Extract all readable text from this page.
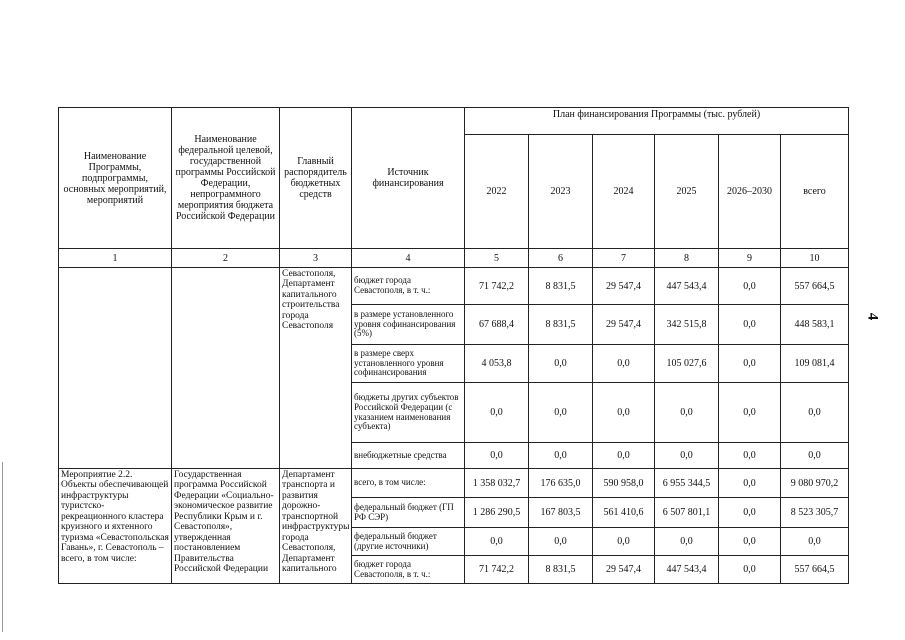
4
Наименование Программы, подпрограммы, основных мероприятий, мероприятий	Наименование федеральной целевой, государственной программы Российской Федерации, непрограммного мероприятия бюджета Российской Федерации	Главный распорядитель бюджетных средств	Источник финансирования	План финансирования Программы (тыс. рублей)					
				2022	2023	2024	2025	2026–2030	всего
1	2	3	4	5	6	7	8	9	10
		Севастополя, Департамент капитального строительства города Севастополя	бюджет города Севастополя, в т. ч.:	71 742,2	8 831,5	29 547,4	447 543,4	0,0	557 664,5
			в размере установленного уровня софинансирования (5%)	67 688,4	8 831,5	29 547,4	342 515,8	0,0	448 583,1
			в размере сверх установленного уровня софинансирования	4 053,8	0,0	0,0	105 027,6	0,0	109 081,4
			бюджеты других субъектов Российской Федерации (с указанием наименования субъекта)	0,0	0,0	0,0	0,0	0,0	0,0
			внебюджетные средства	0,0	0,0	0,0	0,0	0,0	0,0
Мероприятие 2.2. Объекты обеспечивающей инфраструктуры туристско-рекреационного кластера круизного и яхтенного туризма «Севастопольская Гавань», г. Севастополь – всего, в том числе:	Государственная программа Российской Федерации «Социально-экономическое развитие Республики Крым и г. Севастополя», утвержденная постановлением Правительства Российской Федерации	Департамент транспорта и развития дорожно-транспортной инфраструктуры города Севастополя, Департамент капитального	всего, в том числе:	1 358 032,7	176 635,0	590 958,0	6 955 344,5	0,0	9 080 970,2
			федеральный бюджет (ГП РФ СЭР)	1 286 290,5	167 803,5	561 410,6	6 507 801,1	0,0	8 523 305,7
			федеральный бюджет (другие источники)	0,0	0,0	0,0	0,0	0,0	0,0
			бюджет города Севастополя, в т. ч.:	71 742,2	8 831,5	29 547,4	447 543,4	0,0	557 664,5
